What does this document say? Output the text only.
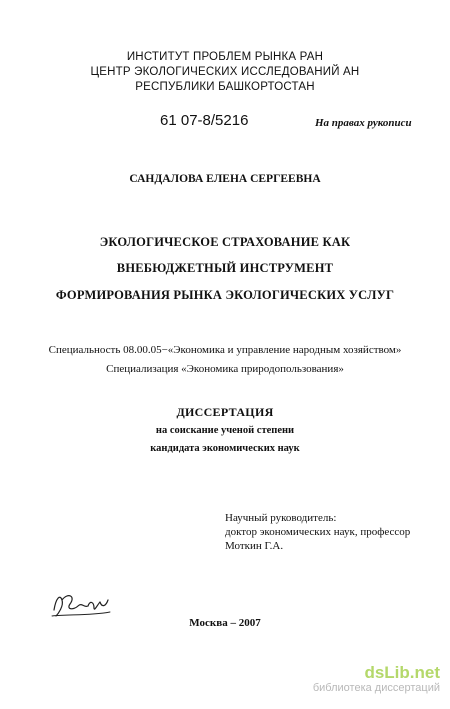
ИНСТИТУТ ПРОБЛЕМ РЫНКА РАН
ЦЕНТР ЭКОЛОГИЧЕСКИХ ИССЛЕДОВАНИЙ АН
РЕСПУБЛИКИ БАШКОРТОСТАН
61 07-8/5216	На правах рукописи
САНДАЛОВА ЕЛЕНА СЕРГЕЕВНА
ЭКОЛОГИЧЕСКОЕ СТРАХОВАНИЕ КАК
ВНЕБЮДЖЕТНЫЙ ИНСТРУМЕНТ
ФОРМИРОВАНИЯ РЫНКА ЭКОЛОГИЧЕСКИХ УСЛУГ
Специальность 08.00.05−«Экономика и управление народным хозяйством»
Специализация «Экономика природопользования»
ДИССЕРТАЦИЯ
на соискание ученой степени
кандидата экономических наук
Научный руководитель:
доктор экономических наук, профессор
Моткин Г.А.
Москва – 2007
dsLib.net
библиотека диссертаций
